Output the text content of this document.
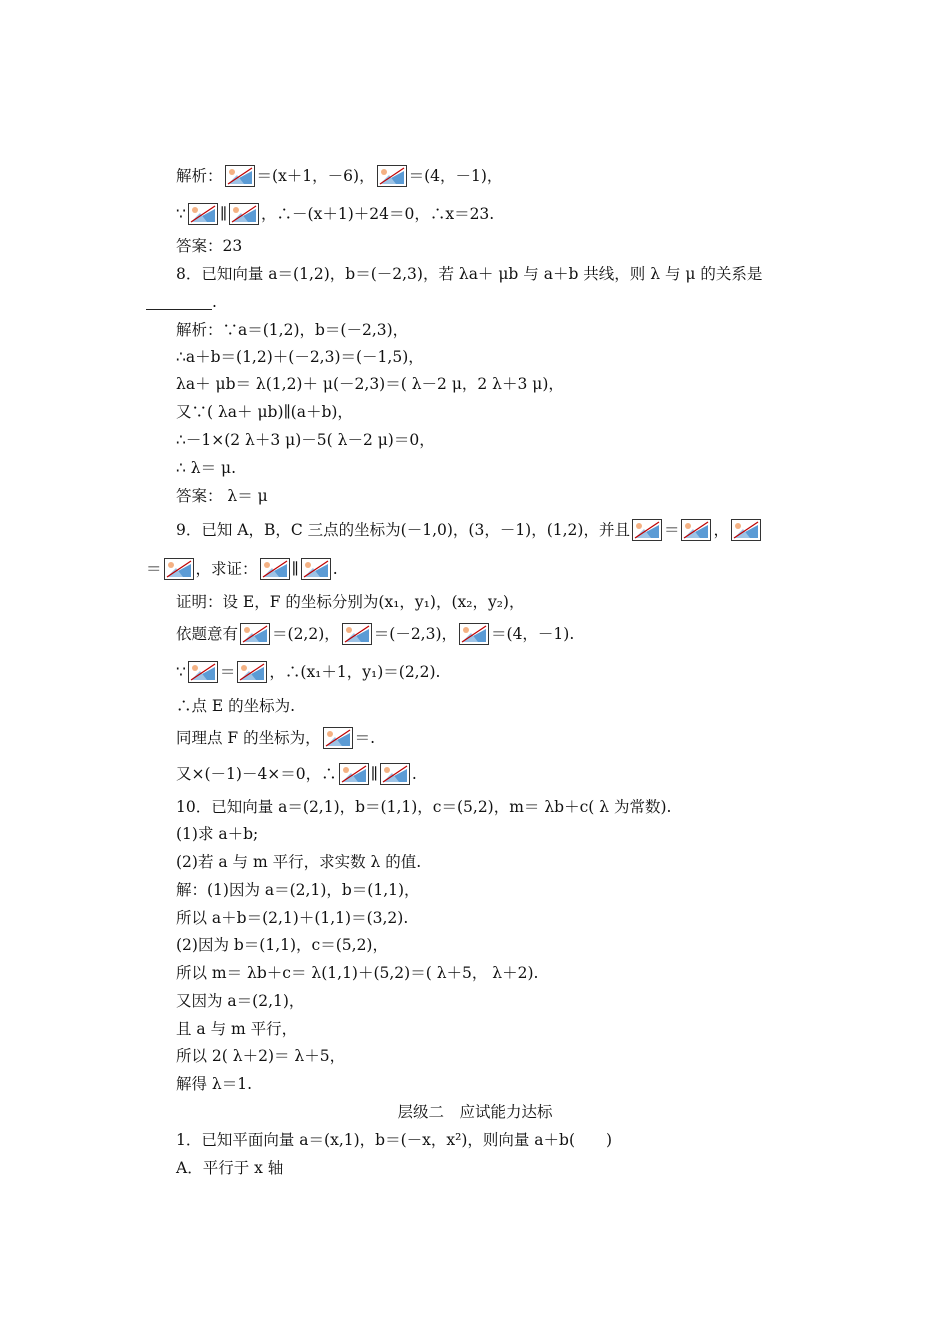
解析： ＝(x＋1，－6)， ＝(4，－1)，
∵ ∥ ，∴－(x＋1)＋24＝0，∴x＝23.
答案：23
8．已知向量 a＝(1,2)，b＝(－2,3)，若 λa＋ μb 与 a＋b 共线，则 λ 与 μ 的关系是
.
解析：∵a＝(1,2)，b＝(－2,3)，
∴a＋b＝(1,2)＋(－2,3)＝(－1,5)，
λa＋ μb＝ λ(1,2)＋ μ(－2,3)＝( λ－2 μ，2 λ＋3 μ)，
又∵( λa＋ μb)∥(a＋b)，
∴－1×(2 λ＋3 μ)－5( λ－2 μ)＝0，
∴ λ＝ μ.
答案： λ＝ μ
9．已知 A，B，C 三点的坐标为(－1,0)，(3，－1)，(1,2)，并且 ＝ ，
＝ ，求证： ∥ .
证明：设 E，F 的坐标分别为(x₁，y₁)，(x₂，y₂)，
依题意有 ＝(2,2)， ＝(－2,3)， ＝(4，－1).
∵ ＝ ，∴(x₁＋1，y₁)＝(2,2).
∴点 E 的坐标为.
同理点 F 的坐标为， ＝.
又×(－1)－4×＝0，∴ ∥ .
10．已知向量 a＝(2,1)，b＝(1,1)，c＝(5,2)，m＝ λb＋c( λ 为常数).
(1)求 a＋b;
(2)若 a 与 m 平行，求实数 λ 的值.
解：(1)因为 a＝(2,1)，b＝(1,1)，
所以 a＋b＝(2,1)＋(1,1)＝(3,2).
(2)因为 b＝(1,1)，c＝(5,2)，
所以 m＝ λb＋c＝ λ(1,1)＋(5,2)＝( λ＋5， λ＋2).
又因为 a＝(2,1)，
且 a 与 m 平行，
所以 2( λ＋2)＝ λ＋5，
解得 λ＝1.
层级二　应试能力达标
1．已知平面向量 a＝(x,1)，b＝(－x，x²)，则向量 a＋b(　　)
A．平行于 x 轴
